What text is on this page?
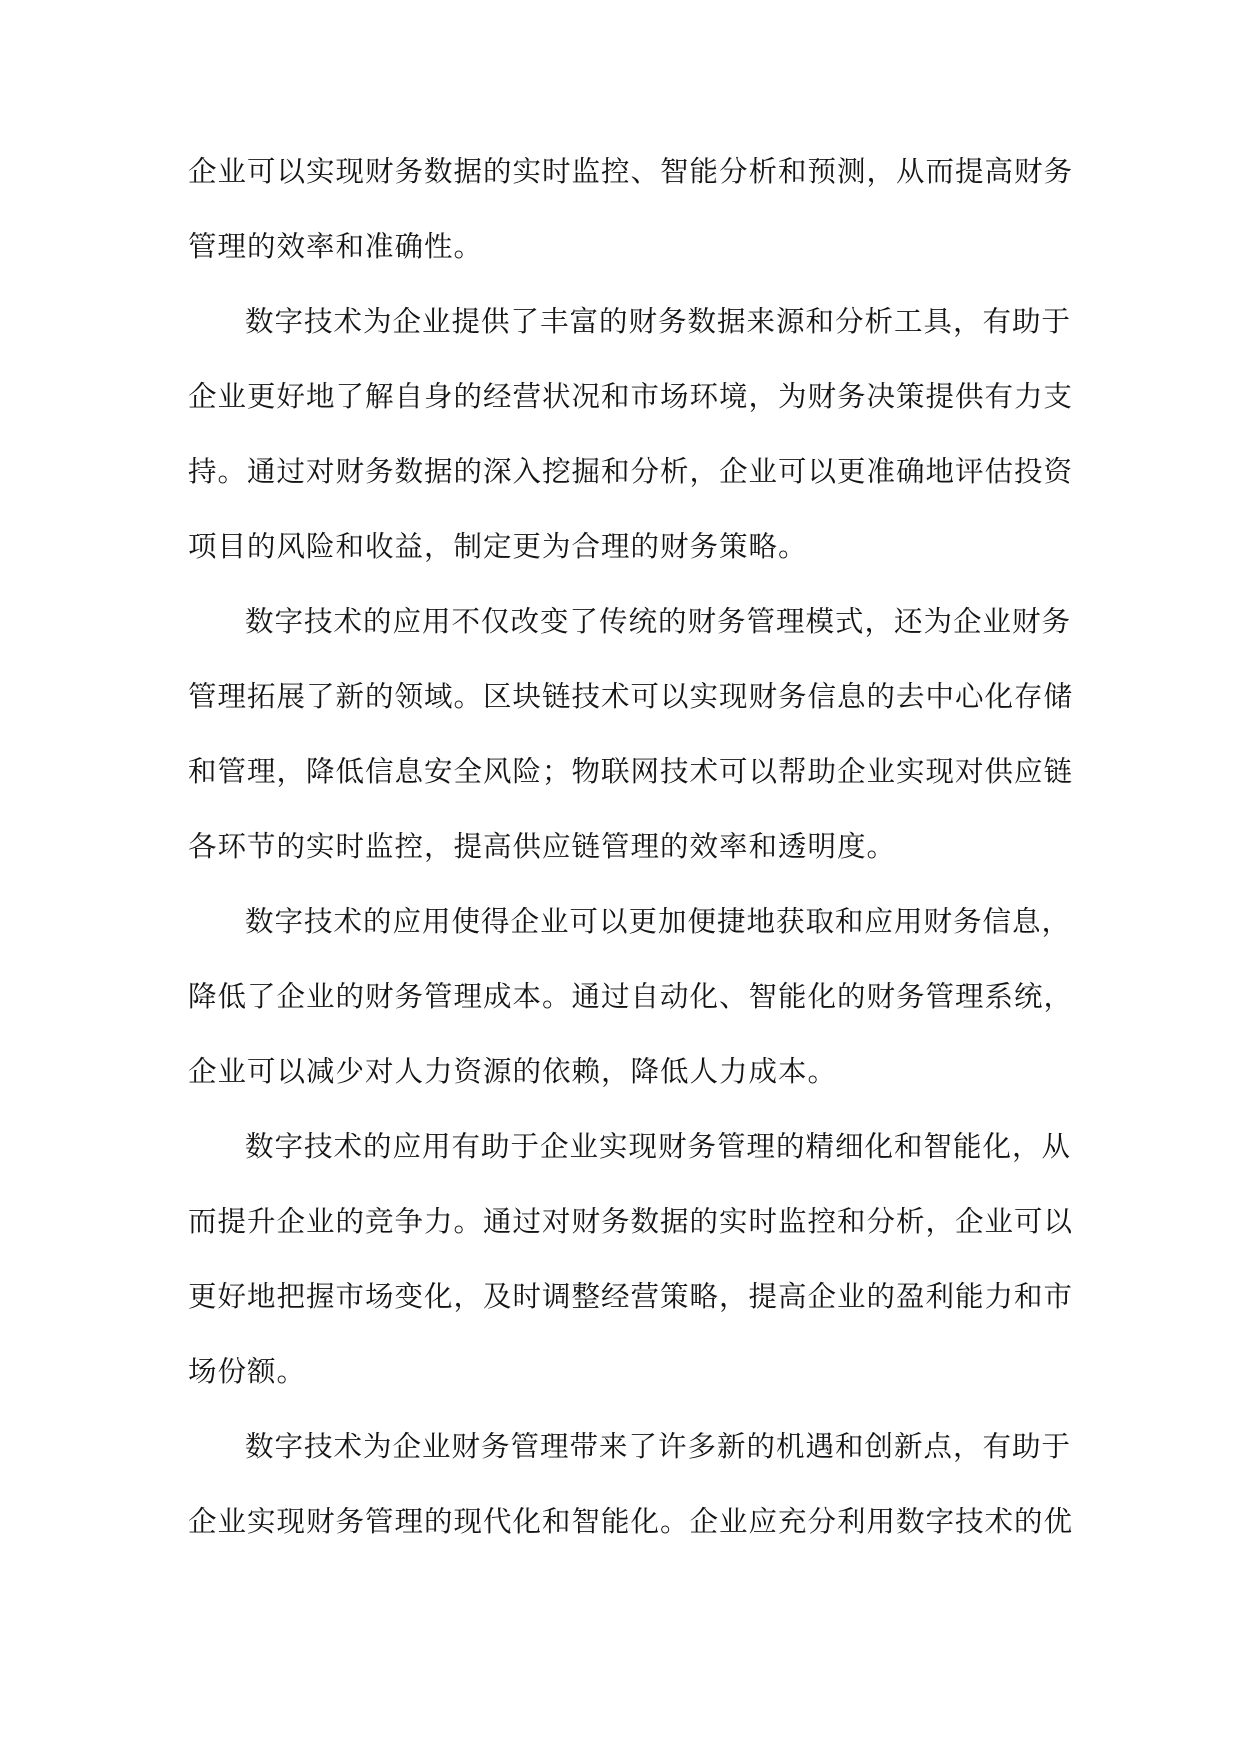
企业可以实现财务数据的实时监控、智能分析和预测，从而提高财务
管理的效率和准确性。
数字技术为企业提供了丰富的财务数据来源和分析工具，有助于
企业更好地了解自身的经营状况和市场环境，为财务决策提供有力支
持。通过对财务数据的深入挖掘和分析，企业可以更准确地评估投资
项目的风险和收益，制定更为合理的财务策略。
数字技术的应用不仅改变了传统的财务管理模式，还为企业财务
管理拓展了新的领域。区块链技术可以实现财务信息的去中心化存储
和管理，降低信息安全风险；物联网技术可以帮助企业实现对供应链
各环节的实时监控，提高供应链管理的效率和透明度。
数字技术的应用使得企业可以更加便捷地获取和应用财务信息，
降低了企业的财务管理成本。通过自动化、智能化的财务管理系统，
企业可以减少对人力资源的依赖，降低人力成本。
数字技术的应用有助于企业实现财务管理的精细化和智能化，从
而提升企业的竞争力。通过对财务数据的实时监控和分析，企业可以
更好地把握市场变化，及时调整经营策略，提高企业的盈利能力和市
场份额。
数字技术为企业财务管理带来了许多新的机遇和创新点，有助于
企业实现财务管理的现代化和智能化。企业应充分利用数字技术的优
